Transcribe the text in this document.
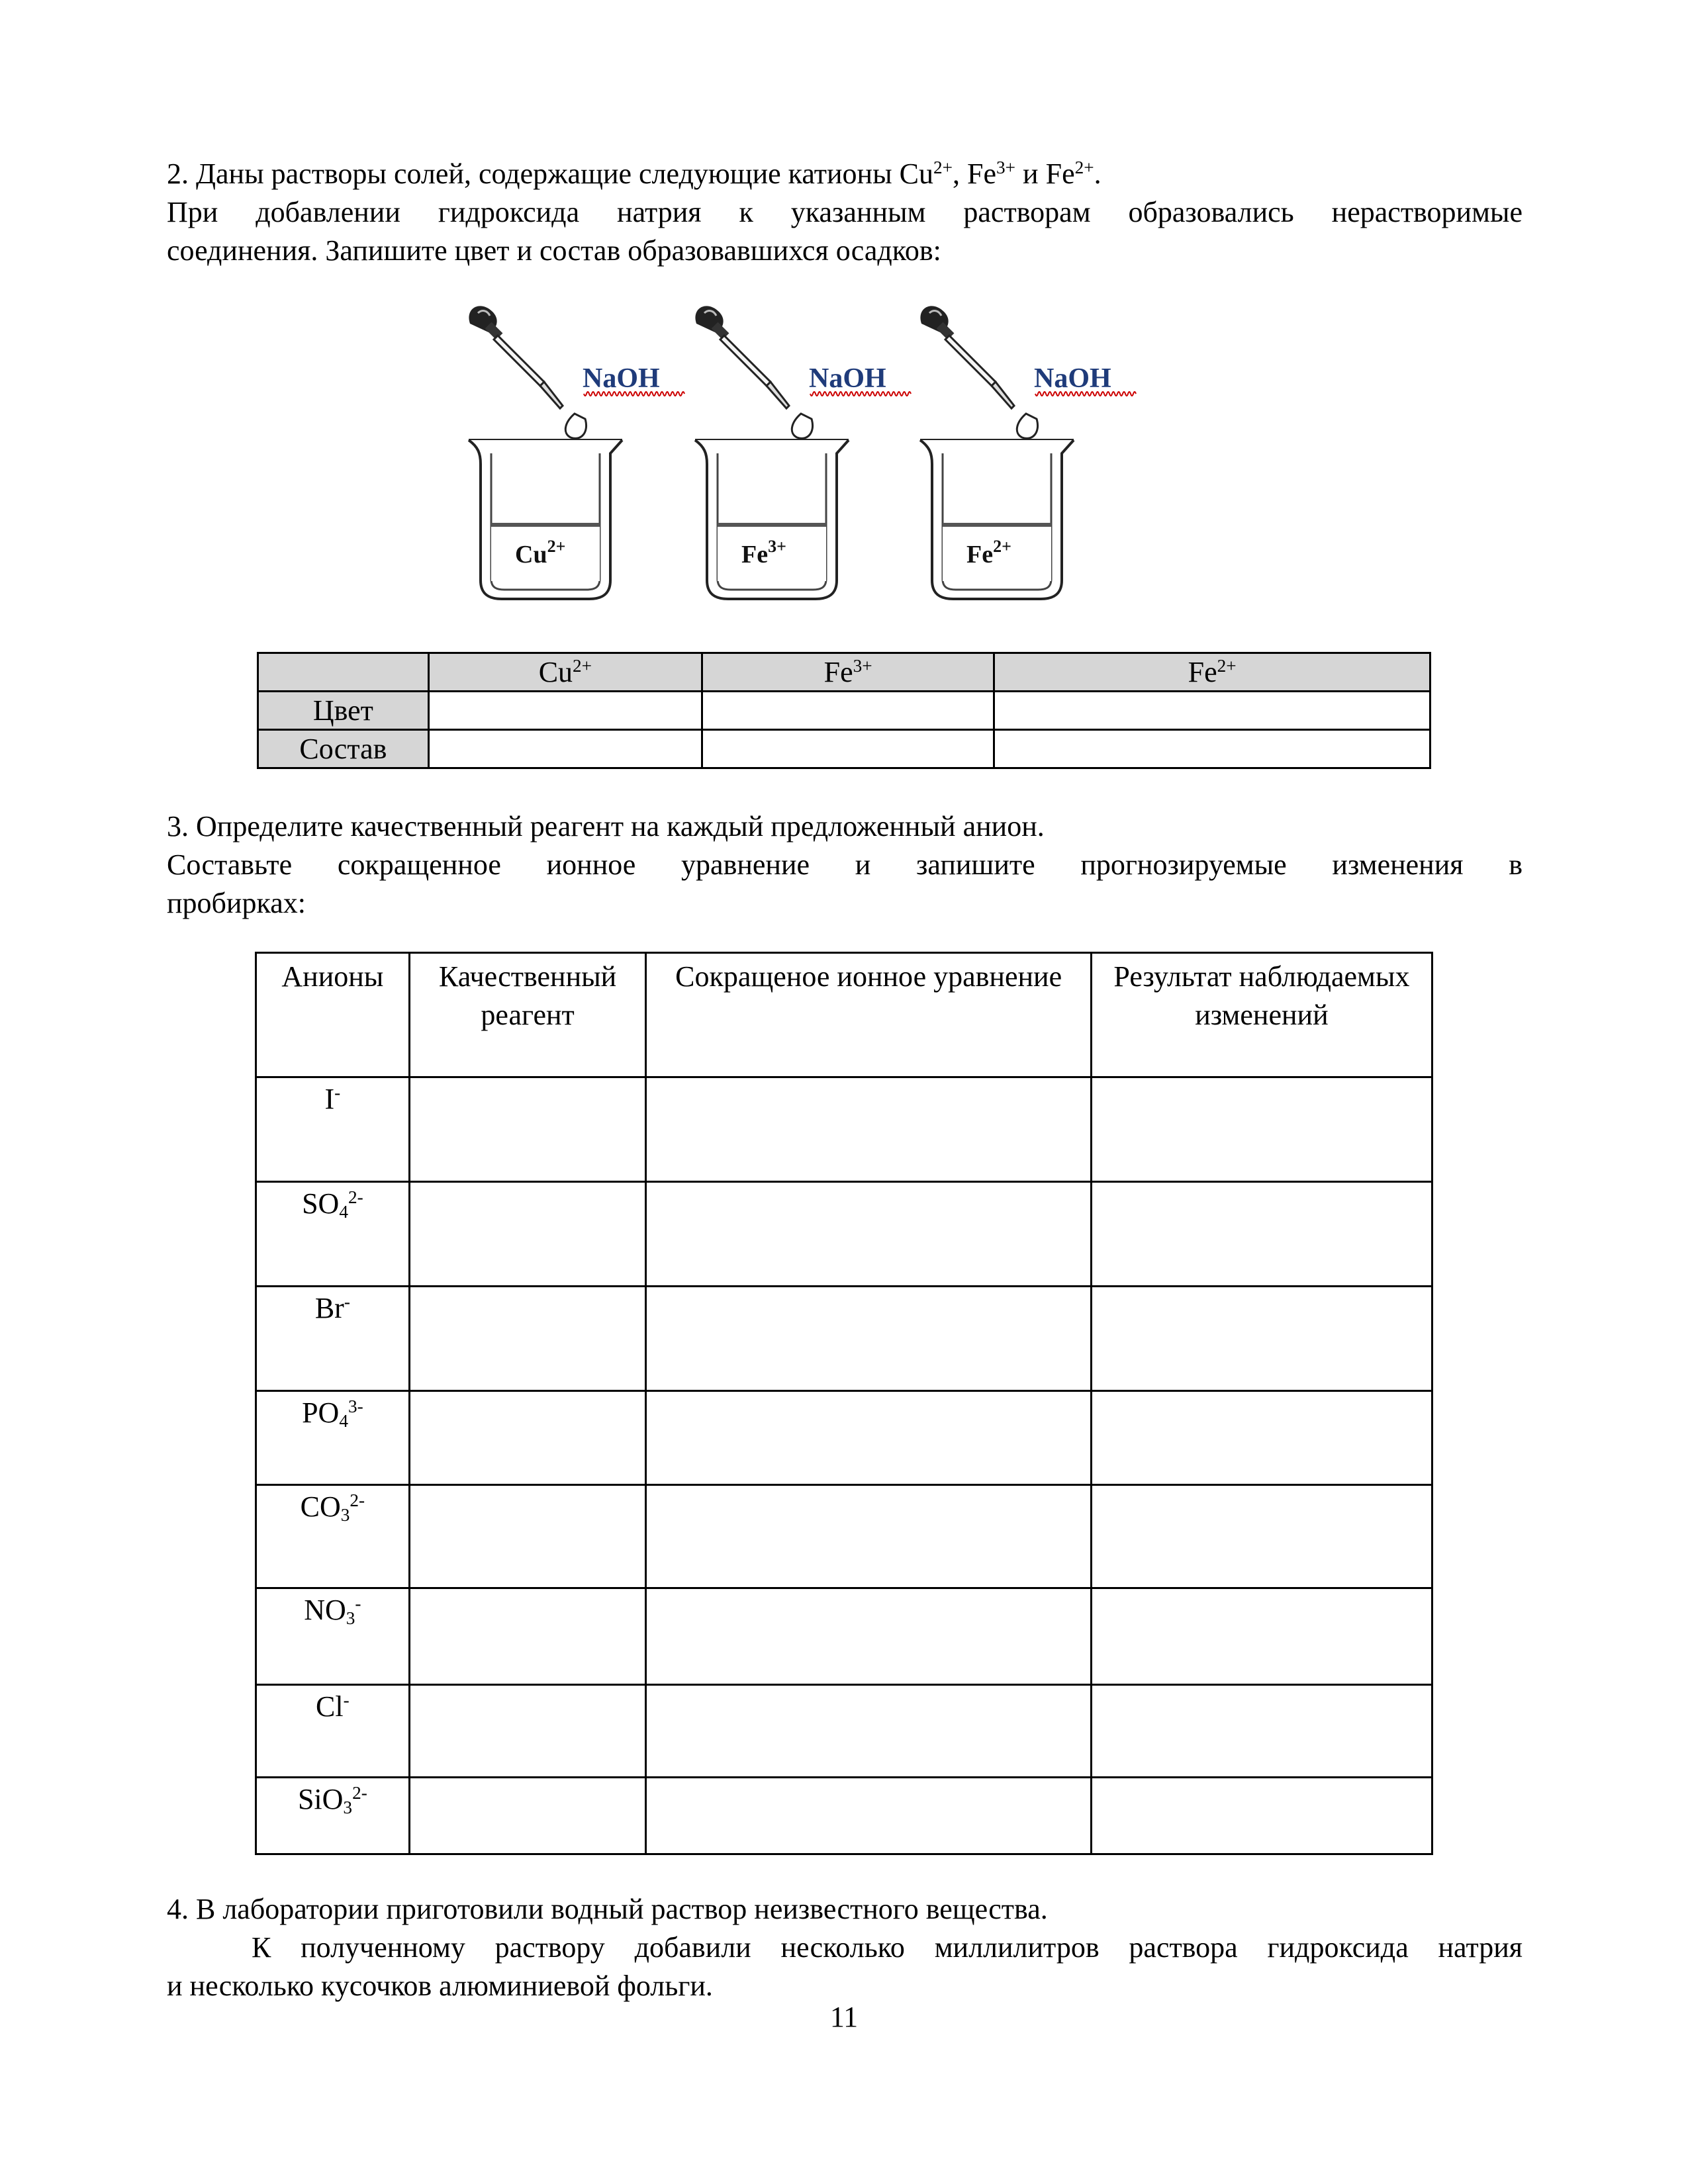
2. Даны растворы солей, содержащие следующие катионы $Cu^{2+}$, $Fe^{3+}$ и $Fe^{2+}$.

При добавлении гидроксида натрия к указанным растворам образовались нерастворимые

соединения. Запишите цвет и состав образовавшихся осадков:

NaOH
$Cu^{2+}$
NaOH
$Fe^{3+}$
NaOH
$Fe^{2+}$
	$Cu^{2+}$	$Fe^{3+}$	$Fe^{2+}$
Цвет			
Состав			

3. Определите качественный реагент на каждый предложенный анион.

Составьте сокращенное ионное уравнение и запишите прогнозируемые изменения в

пробирках:

Анионы	Качественный реагент	Сокращеное ионное уравнение	Результат наблюдаемых изменений
I-			
$SO_4^{2-}$			
Br-			
$PO_4^{3-}$			
$CO_3^{2-}$			
$NO_3^-$			
Cl-			
SiO$_3^{2-}$			

4. В лаборатории приготовили водный раствор неизвестного вещества.

К полученному раствору добавили несколько миллилитров раствора гидроксида натрия

и несколько кусочков алюминиевой фольги.

11
